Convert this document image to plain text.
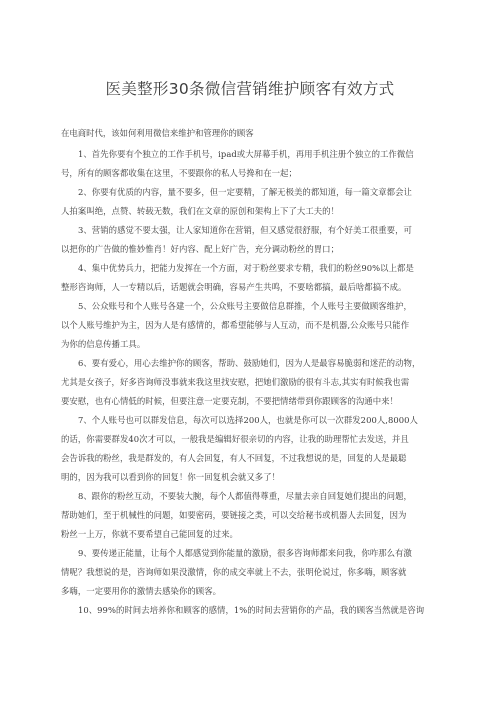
医美整形30条微信营销维护顾客有效方式

在电商时代，该如何利用微信来维护和管理你的顾客

1、首先你要有个独立的工作手机号，ipad或大屏幕手机，再用手机注册个独立的工作微信
号，所有的顾客都收集在这里，不要跟你的私人号搀和在一起；

2、你要有优质的内容，量不要多，但一定要精，了解无极美的都知道，每一篇文章都会让
人拍案叫绝，点赞、转载无数，我们在文章的原创和架构上下了大工夫的！

3、营销的感觉不要太强，让人家知道你在营销，但又感觉很舒服，有个好美工很重要，可
以把你的广告做的惟妙惟肖！好内容、配上好广告，充分调动粉丝的胃口；

4、集中优势兵力，把能力发挥在一个方面，对于粉丝要求专精，我们的粉丝90%以上都是
整形咨询师，人一专精以后，话题就会明确，容易产生共鸣，不要啥都搞，最后啥都搞不成。

5、公众账号和个人账号各建一个，公众账号主要做信息群推，个人账号主要做顾客维护，
以个人账号维护为主，因为人是有感情的，都希望能够与人互动，而不是机器,公众账号只能作
为你的信息传播工具。

6、要有爱心，用心去维护你的顾客，帮助、鼓励她们，因为人是最容易脆弱和迷茫的动物，
尤其是女孩子，好多咨询师没事就来我这里找安慰，把她们激励的很有斗志,其实有时候我也需
要安慰，也有心情低的时候，但要注意一定要克制，不要把情绪带到你跟顾客的沟通中来！

7、个人账号也可以群发信息，每次可以选择200人，也就是你可以一次群发200人,8000人
的话，你需要群发40次才可以，一般我是编辑好很亲切的内容，让我的助理帮忙去发送，并且
会告诉我的粉丝，我是群发的，有人会回复，有人不回复，不过我想说的是，回复的人是最聪
明的，因为我可以看到你的回复！你一回复机会就又多了！

8、跟你的粉丝互动，不要装大腕，每个人都值得尊重，尽量去亲自回复她们提出的问题，
帮助她们，至于机械性的问题，如要密码，要链接之类，可以交给秘书或机器人去回复，因为
粉丝一上万，你就不要希望自己能回复的过来。

9、要传递正能量，让每个人都感觉到你能量的激励，很多咨询师都来问我，你咋那么有激
情呢？我想说的是，咨询师如果没激情，你的成交率就上不去，张明伦说过，你多嗨，顾客就
多嗨，一定要用你的激情去感染你的顾客。

10、99%的时间去培养你和顾客的感情，1%的时间去营销你的产品，我的顾客当然就是咨询
